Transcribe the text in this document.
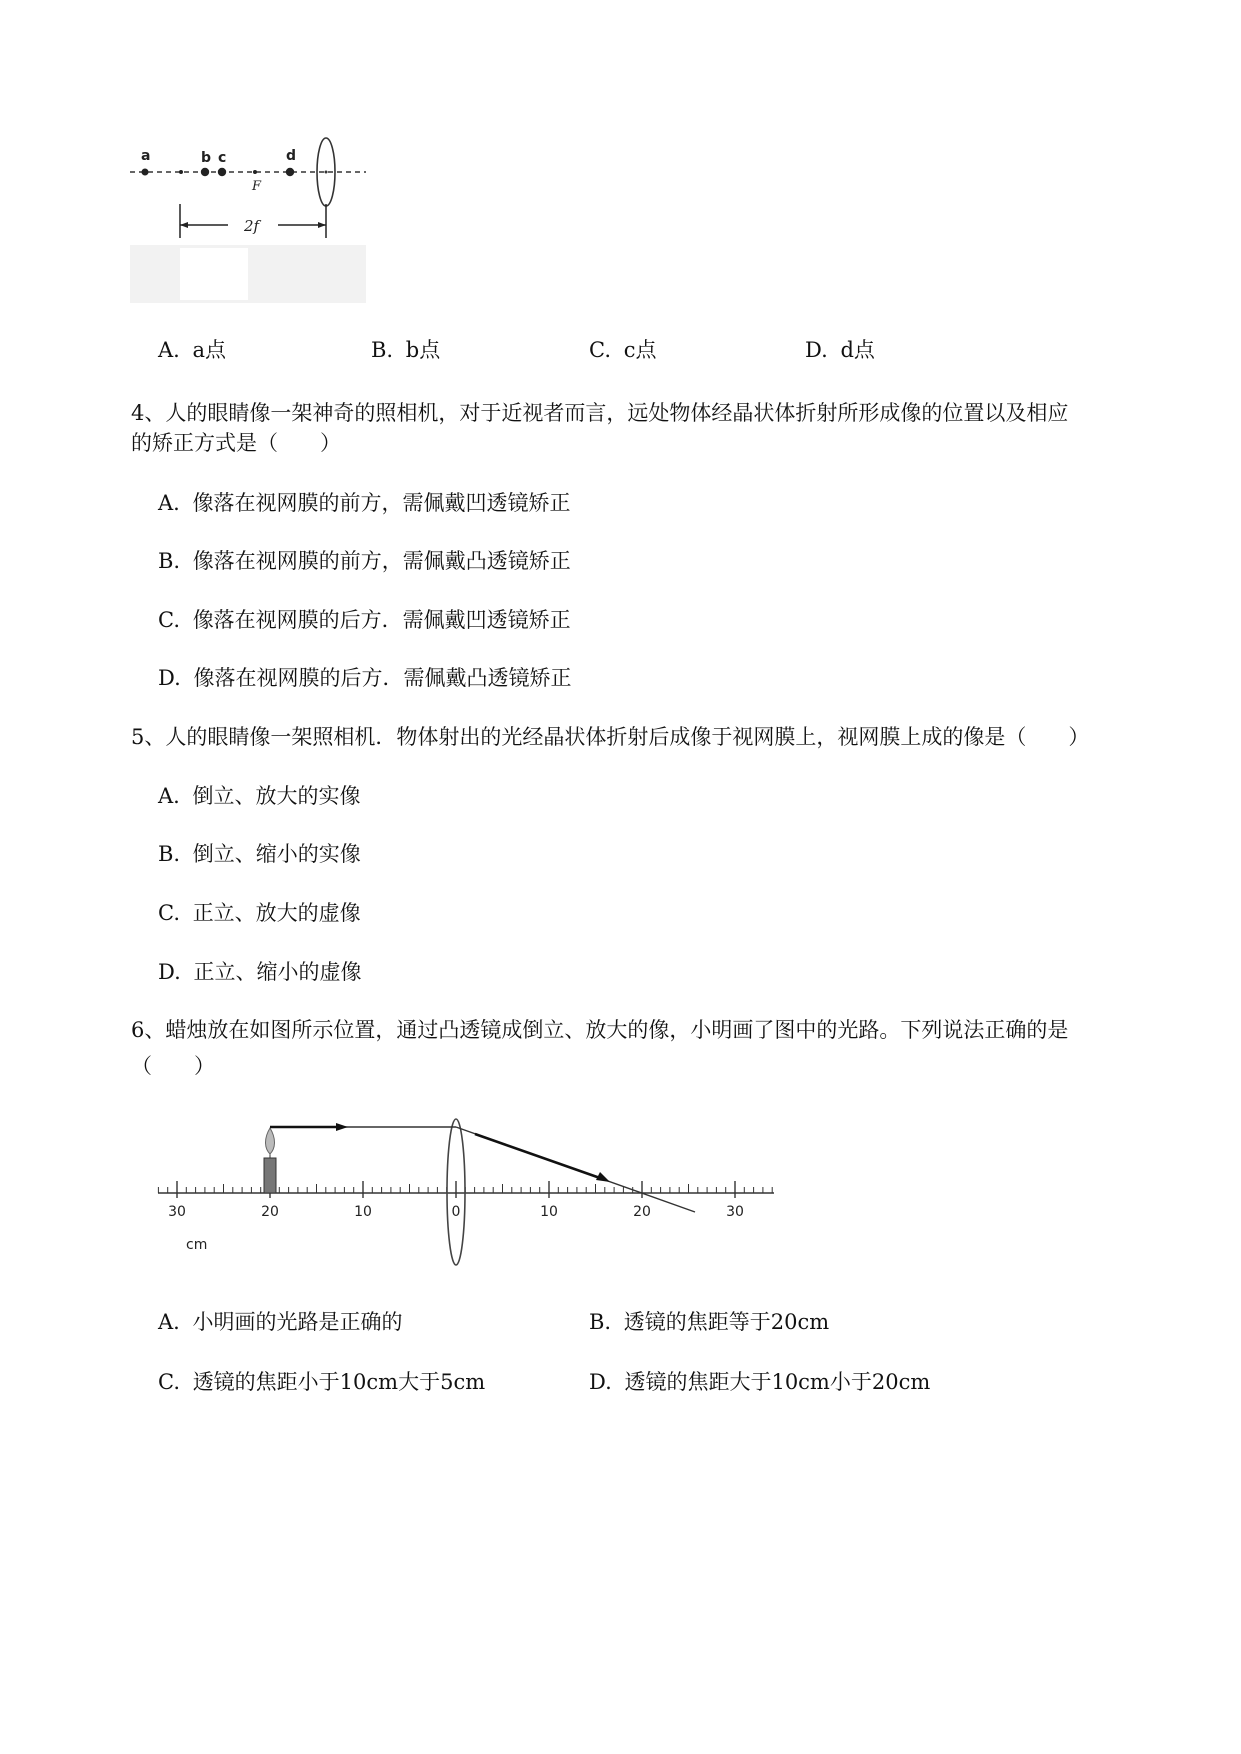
a	b c	d
F
2f
A. a点	B. b点	C. c点	D. d点
4、人的眼睛像一架神奇的照相机，对于近视者而言，远处物体经晶状体折射所形成像的位置以及相应
的矫正方式是（　　）
A. 像落在视网膜的前方，需佩戴凹透镜矫正
B. 像落在视网膜的前方，需佩戴凸透镜矫正
C. 像落在视网膜的后方．需佩戴凹透镜矫正
D. 像落在视网膜的后方．需佩戴凸透镜矫正
5、人的眼睛像一架照相机．物体射出的光经晶状体折射后成像于视网膜上，视网膜上成的像是（　　）
A. 倒立、放大的实像
B. 倒立、缩小的实像
C. 正立、放大的虚像
D. 正立、缩小的虚像
6、蜡烛放在如图所示位置，通过凸透镜成倒立、放大的像，小明画了图中的光路。下列说法正确的是
（　　）
30	20	10	0	10	20	30
cm
A. 小明画的光路是正确的	B. 透镜的焦距等于20cm
C. 透镜的焦距小于10cm大于5cm	D. 透镜的焦距大于10cm小于20cm
